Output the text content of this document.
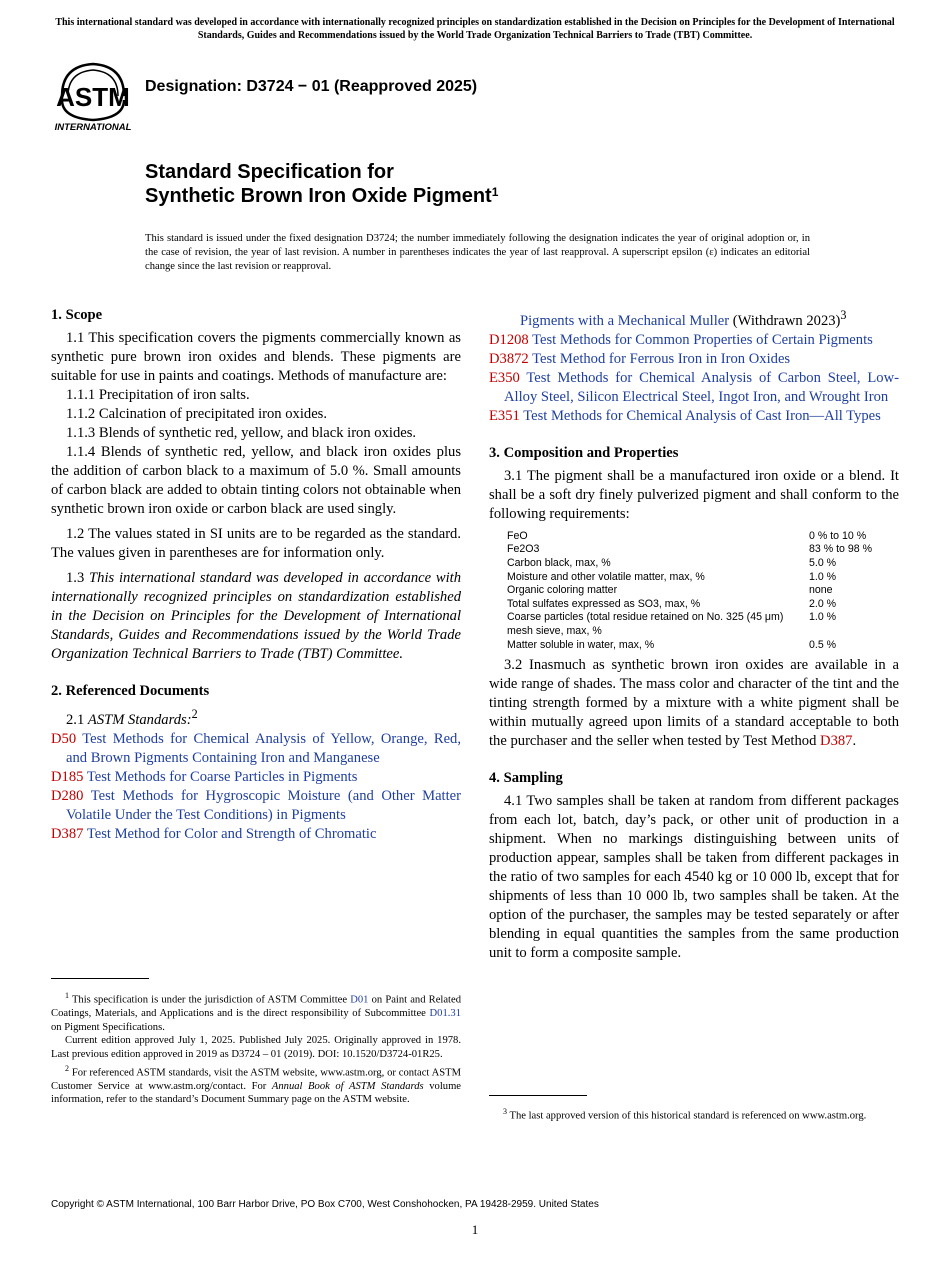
This international standard was developed in accordance with internationally recognized principles on standardization established in the Decision on Principles for the Development of International Standards, Guides and Recommendations issued by the World Trade Organization Technical Barriers to Trade (TBT) Committee.
ASTM
INTERNATIONAL
Designation: D3724 − 01 (Reapproved 2025)
Standard Specification for
Synthetic Brown Iron Oxide Pigment$^1$
This standard is issued under the fixed designation D3724; the number immediately following the designation indicates the year of original adoption or, in the case of revision, the year of last revision. A number in parentheses indicates the year of last reapproval. A superscript epsilon (ε) indicates an editorial change since the last revision or reapproval.
1. Scope

1.1 This specification covers the pigments commercially known as synthetic pure brown iron oxides and blends. These pigments are suitable for use in paints and coatings. Methods of manufacture are:

1.1.1 Precipitation of iron salts.

1.1.2 Calcination of precipitated iron oxides.

1.1.3 Blends of synthetic red, yellow, and black iron oxides.

1.1.4 Blends of synthetic red, yellow, and black iron oxides plus the addition of carbon black to a maximum of 5.0 %. Small amounts of carbon black are added to obtain tinting colors not obtainable when synthetic brown iron oxide or carbon black are used singly.

1.2 The values stated in SI units are to be regarded as the standard. The values given in parentheses are for information only.

1.3 This international standard was developed in accordance with internationally recognized principles on standardization established in the Decision on Principles for the Development of International Standards, Guides and Recommendations issued by the World Trade Organization Technical Barriers to Trade (TBT) Committee.

2. Referenced Documents

2.1 ASTM Standards:$^2$

D50 Test Methods for Chemical Analysis of Yellow, Orange, Red, and Brown Pigments Containing Iron and Manganese
D185 Test Methods for Coarse Particles in Pigments
D280 Test Methods for Hygroscopic Moisture (and Other Matter Volatile Under the Test Conditions) in Pigments
D387 Test Method for Color and Strength of Chromatic
Pigments with a Mechanical Muller (Withdrawn 2023)$^3$
D1208 Test Methods for Common Properties of Certain Pigments
D3872 Test Method for Ferrous Iron in Iron Oxides
E350 Test Methods for Chemical Analysis of Carbon Steel, Low-Alloy Steel, Silicon Electrical Steel, Ingot Iron, and Wrought Iron
E351 Test Methods for Chemical Analysis of Cast Iron—All Types
3. Composition and Properties

3.1 The pigment shall be a manufactured iron oxide or a blend. It shall be a soft dry finely pulverized pigment and shall conform to the following requirements:

FeO	0 % to 10 %
Fe2O3	83 % to 98 %
Carbon black, max, %	5.0 %
Moisture and other volatile matter, max, %	1.0 %
Organic coloring matter	none
Total sulfates expressed as SO3, max, %	2.0 %
Coarse particles (total residue retained on No. 325 (45 μm) mesh sieve, max, %	1.0 %
Matter soluble in water, max, %	0.5 %

3.2 Inasmuch as synthetic brown iron oxides are available in a wide range of shades. The mass color and character of the tint and the tinting strength formed by a mixture with a white pigment shall be within mutually agreed upon limits of a standard acceptable to both the purchaser and the seller when tested by Test Method D387.

4. Sampling

4.1 Two samples shall be taken at random from different packages from each lot, batch, day’s pack, or other unit of production in a shipment. When no markings distinguishing between units of production appear, samples shall be taken from different packages in the ratio of two samples for each 4540 kg or 10 000 lb, except that for shipments of less than 10 000 lb, two samples shall be taken. At the option of the purchaser, the samples may be tested separately or after blending in equal quantities the samples from the same production unit to form a composite sample.

$^1$ This specification is under the jurisdiction of ASTM Committee D01 on Paint and Related Coatings, Materials, and Applications and is the direct responsibility of Subcommittee D01.31 on Pigment Specifications.

Current edition approved July 1, 2025. Published July 2025. Originally approved in 1978. Last previous edition approved in 2019 as D3724 – 01 (2019). DOI: 10.1520/D3724-01R25.

$^2$ For referenced ASTM standards, visit the ASTM website, www.astm.org, or contact ASTM Customer Service at www.astm.org/contact. For Annual Book of ASTM Standards volume information, refer to the standard’s Document Summary page on the ASTM website.

$^3$ The last approved version of this historical standard is referenced on www.astm.org.

Copyright © ASTM International, 100 Barr Harbor Drive, PO Box C700, West Conshohocken, PA 19428-2959. United States
1
